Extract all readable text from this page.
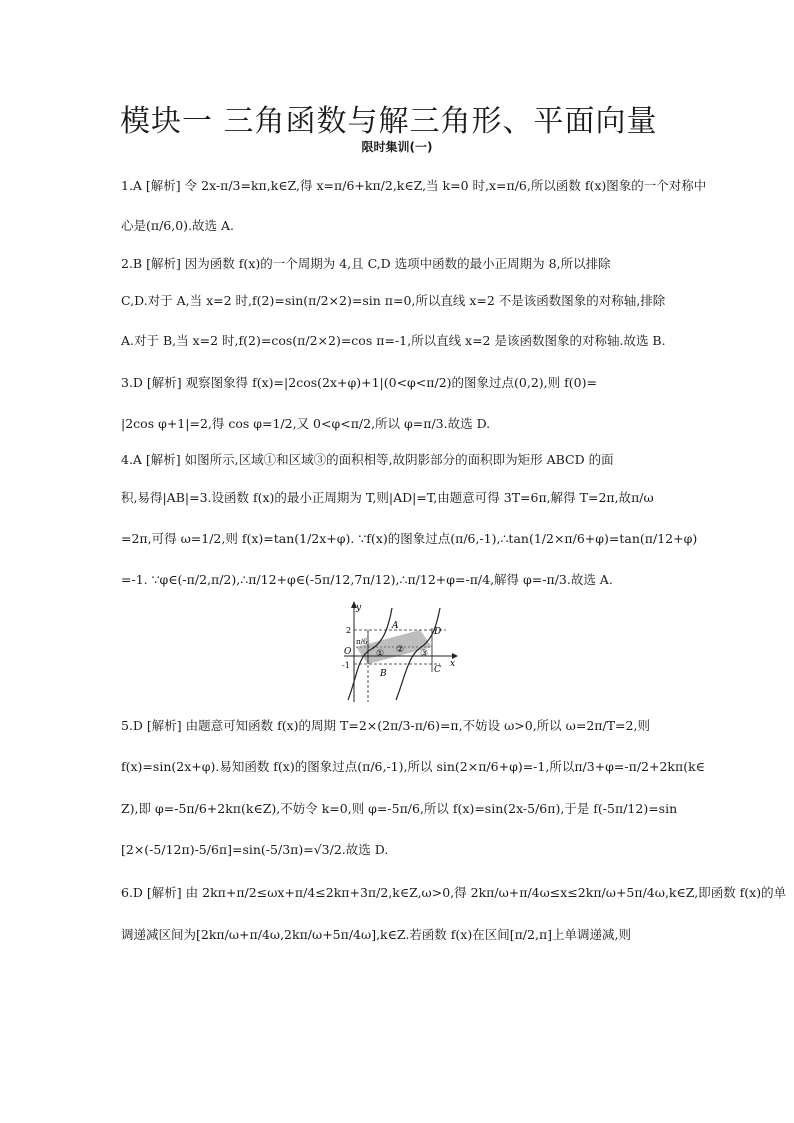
模块一 三角函数与解三角形、平面向量
限时集训(一)
1.A [解析] 令 2x-π/3=kπ,k∈Z,得 x=π/6+kπ/2,k∈Z,当 k=0 时,x=π/6,所以函数 f(x)图象的一个对称中
心是(π/6,0).故选 A.
2.B [解析] 因为函数 f(x)的一个周期为 4,且 C,D 选项中函数的最小正周期为 8,所以排除
C,D.对于 A,当 x=2 时,f(2)=sin(π/2×2)=sin π=0,所以直线 x=2 不是该函数图象的对称轴,排除
A.对于 B,当 x=2 时,f(2)=cos(π/2×2)=cos π=-1,所以直线 x=2 是该函数图象的对称轴.故选 B.
3.D [解析] 观察图象得 f(x)=|2cos(2x+φ)+1|(0<φ<π/2)的图象过点(0,2),则 f(0)=
|2cos φ+1|=2,得 cos φ=1/2,又 0<φ<π/2,所以 φ=π/3.故选 D.
4.A [解析] 如图所示,区域①和区域③的面积相等,故阴影部分的面积即为矩形 ABCD 的面
积,易得|AB|=3.设函数 f(x)的最小正周期为 T,则|AD|=T,由题意可得 3T=6π,解得 T=2π,故π/ω
=2π,可得 ω=1/2,则 f(x)=tan(1/2x+φ). ∵f(x)的图象过点(π/6,-1),∴tan(1/2×π/6+φ)=tan(π/12+φ)
=-1. ∵φ∈(-π/2,π/2),∴π/12+φ∈(-5π/12,7π/12),∴π/12+φ=-π/4,解得 φ=-π/3.故选 A.
y
x
O
2
-1
π/6
A
B	C
D
① ② ③
5.D [解析] 由题意可知函数 f(x)的周期 T=2×(2π/3-π/6)=π,不妨设 ω>0,所以 ω=2π/T=2,则
f(x)=sin(2x+φ).易知函数 f(x)的图象过点(π/6,-1),所以 sin(2×π/6+φ)=-1,所以π/3+φ=-π/2+2kπ(k∈
Z),即 φ=-5π/6+2kπ(k∈Z),不妨令 k=0,则 φ=-5π/6,所以 f(x)=sin(2x-5/6π),于是 f(-5π/12)=sin
[2×(-5/12π)-5/6π]=sin(-5/3π)=√3/2.故选 D.
6.D [解析] 由 2kπ+π/2≤ωx+π/4≤2kπ+3π/2,k∈Z,ω>0,得 2kπ/ω+π/4ω≤x≤2kπ/ω+5π/4ω,k∈Z,即函数 f(x)的单
调递减区间为[2kπ/ω+π/4ω,2kπ/ω+5π/4ω],k∈Z.若函数 f(x)在区间[π/2,π]上单调递减,则
